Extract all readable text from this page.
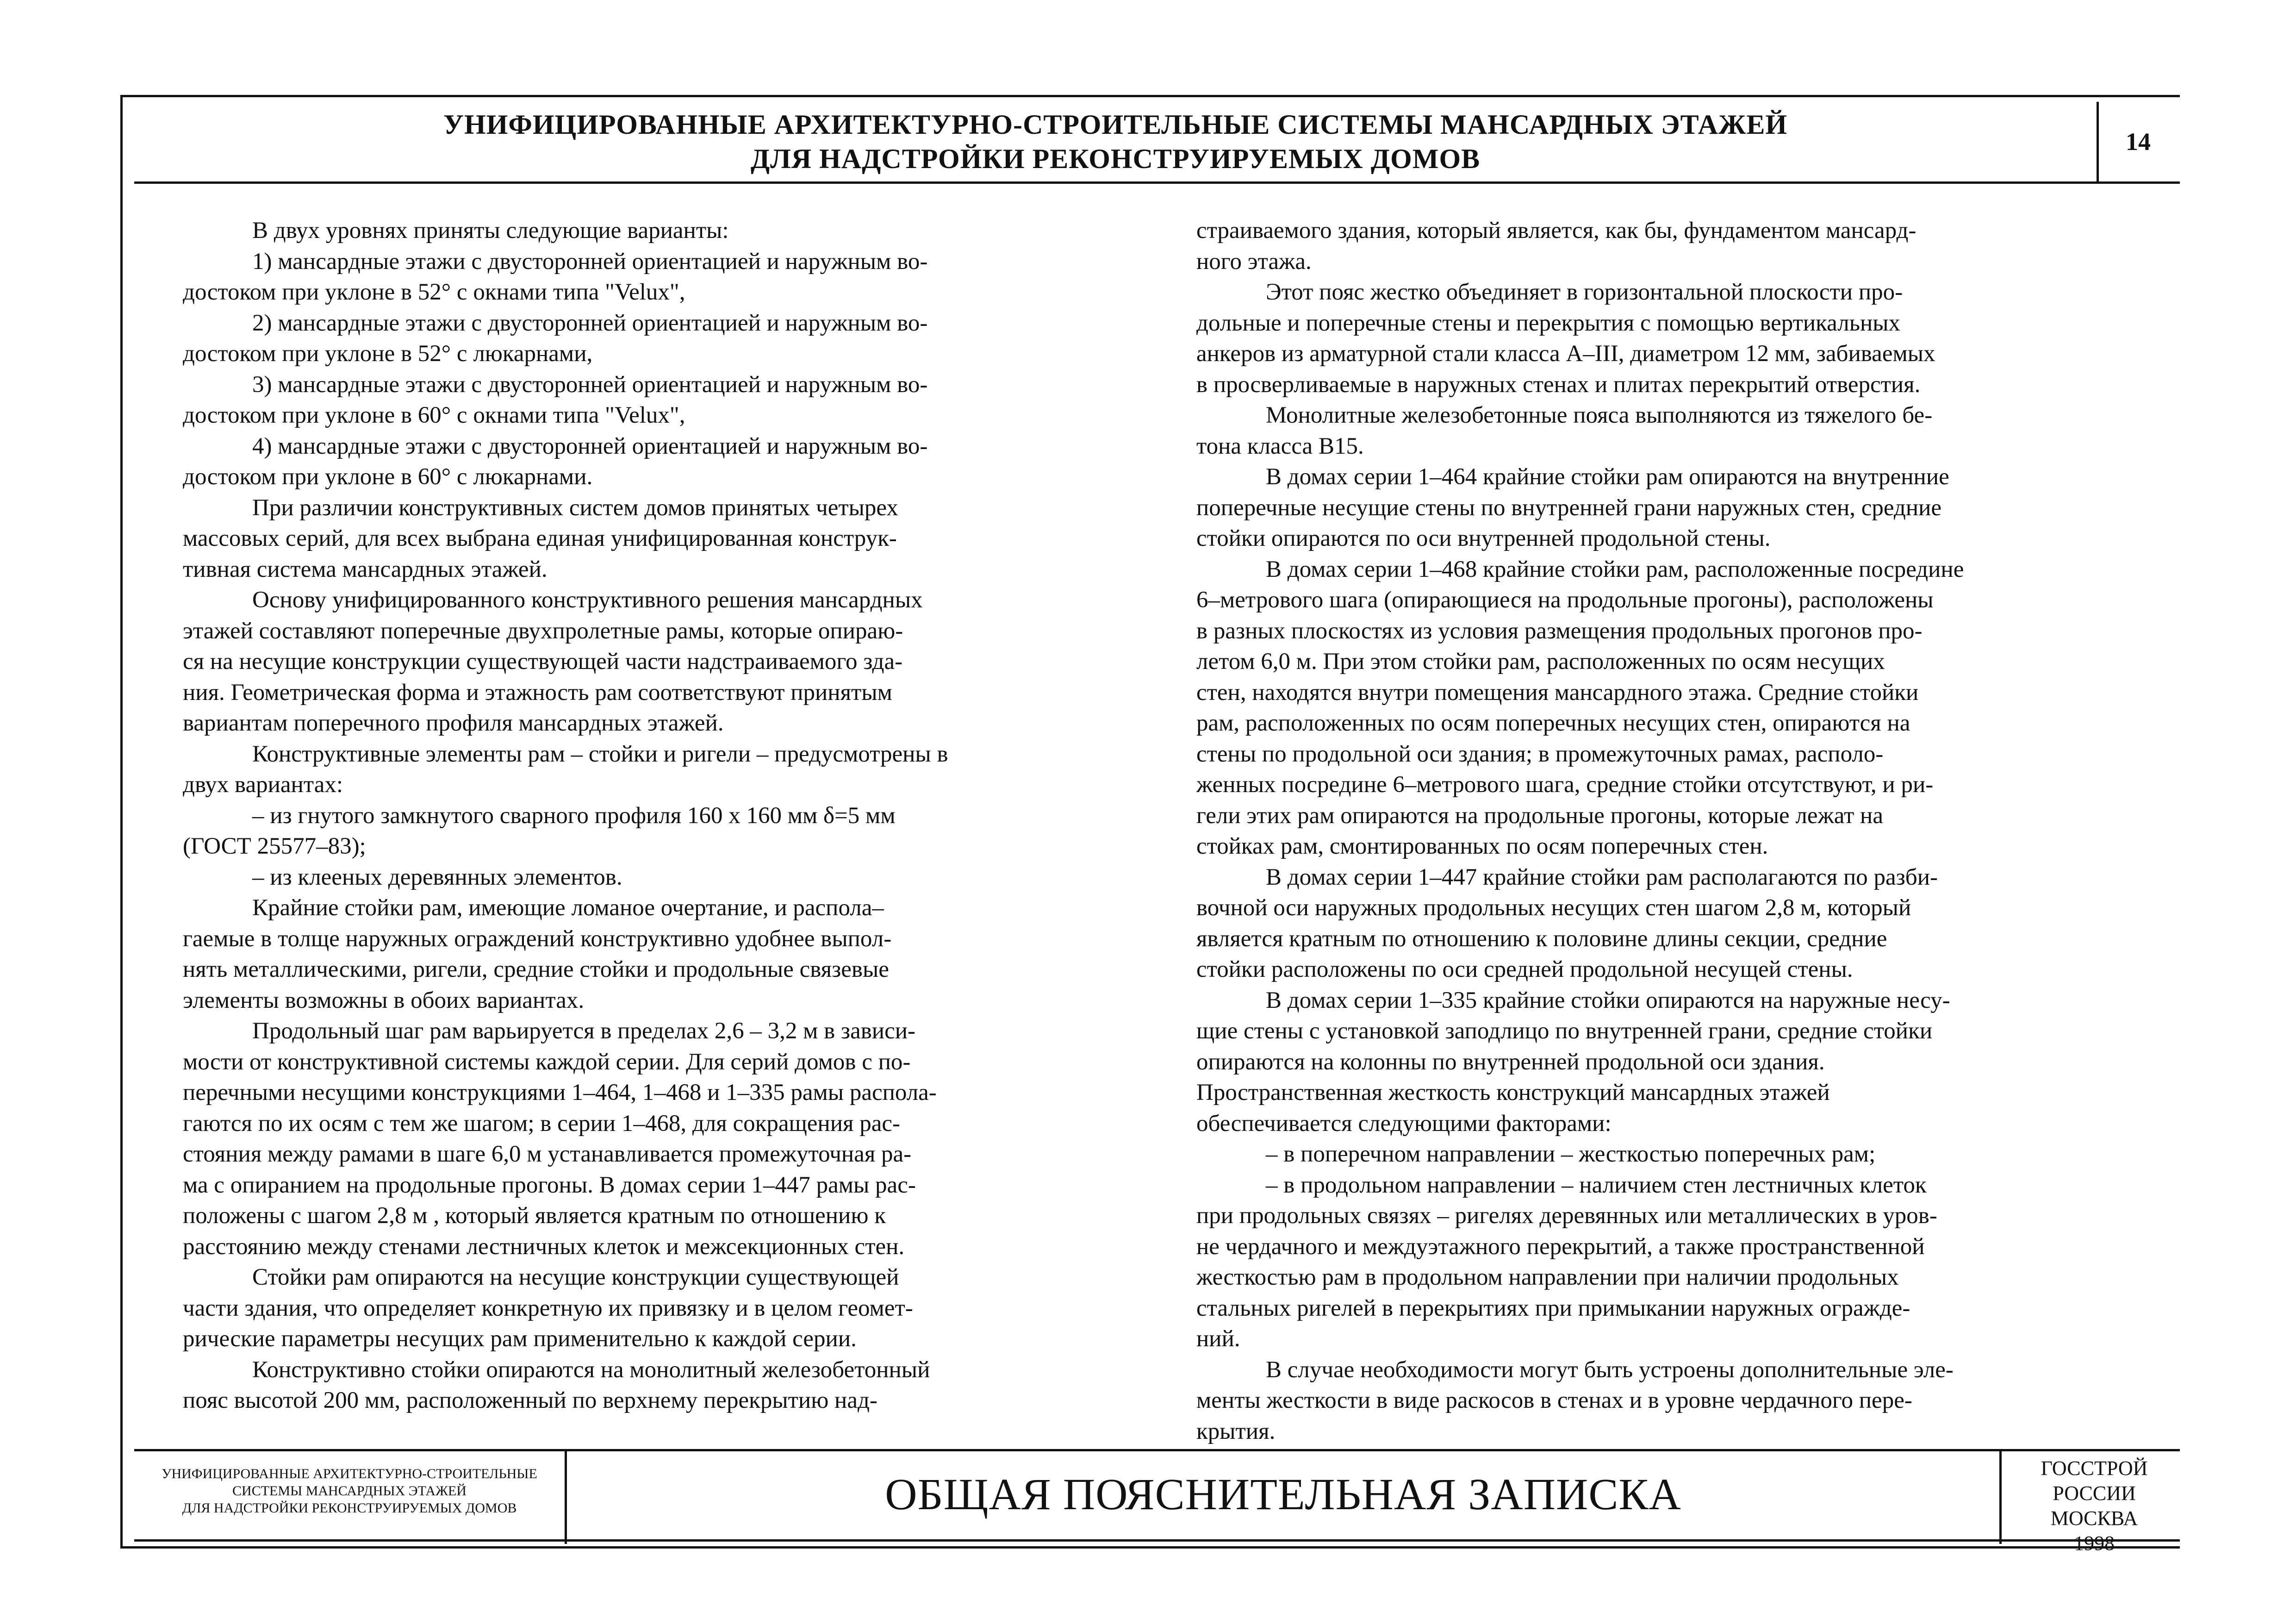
УНИФИЦИРОВАННЫЕ АРХИТЕКТУРНО-СТРОИТЕЛЬНЫЕ СИСТЕМЫ МАНСАРДНЫХ ЭТАЖЕЙ
ДЛЯ НАДСТРОЙКИ РЕКОНСТРУИРУЕМЫХ ДОМОВ
14
В двух уровнях приняты следующие варианты:
1) мансардные этажи с двусторонней ориентацией и наружным во-
достоком при уклоне в 52° с окнами типа "Velux",
2) мансардные этажи с двусторонней ориентацией и наружным во-
достоком при уклоне в 52° с люкарнами,
3) мансардные этажи с двусторонней ориентацией и наружным во-
достоком при уклоне в 60° с окнами типа "Velux",
4) мансардные этажи с двусторонней ориентацией и наружным во-
достоком при уклоне в 60° с люкарнами.
При различии конструктивных систем домов принятых четырех
массовых серий, для всех выбрана единая унифицированная конструк-
тивная система мансардных этажей.
Основу унифицированного конструктивного решения мансардных
этажей составляют поперечные двухпролетные рамы, которые опираю-
ся на несущие конструкции существующей части надстраиваемого зда-
ния. Геометрическая форма и этажность рам соответствуют принятым
вариантам поперечного профиля мансардных этажей.
Конструктивные элементы рам – стойки и ригели – предусмотрены в
двух вариантах:
– из гнутого замкнутого сварного профиля 160 x 160 мм δ=5 мм
(ГОСТ 25577–83);
– из клееных деревянных элементов.
Крайние стойки рам, имеющие ломаное очертание, и распола–
гаемые в толще наружных ограждений конструктивно удобнее выпол-
нять металлическими, ригели, средние стойки и продольные связевые
элементы возможны в обоих вариантах.
Продольный шаг рам варьируется в пределах 2,6 – 3,2 м в зависи-
мости от конструктивной системы каждой серии. Для серий домов с по-
перечными несущими конструкциями 1–464, 1–468 и 1–335 рамы распола-
гаются по их осям с тем же шагом; в серии 1–468, для сокращения рас-
стояния между рамами в шаге 6,0 м устанавливается промежуточная ра-
ма с опиранием на продольные прогоны. В домах серии 1–447 рамы рас-
положены с шагом 2,8 м , который является кратным по отношению к
расстоянию между стенами лестничных клеток и межсекционных стен.
Стойки рам опираются на несущие конструкции существующей
части здания, что определяет конкретную их привязку и в целом геомет-
рические параметры несущих рам применительно к каждой серии.
Конструктивно стойки опираются на монолитный железобетонный
пояс высотой 200 мм, расположенный по верхнему перекрытию над-
страиваемого здания, который является, как бы, фундаментом мансард-
ного этажа.
Этот пояс жестко объединяет в горизонтальной плоскости про-
дольные и поперечные стены и перекрытия с помощью вертикальных
анкеров из арматурной стали класса А–III, диаметром 12 мм, забиваемых
в просверливаемые в наружных стенах и плитах перекрытий отверстия.
Монолитные железобетонные пояса выполняются из тяжелого бе-
тона класса В15.
В домах серии 1–464 крайние стойки рам опираются на внутренние
поперечные несущие стены по внутренней грани наружных стен, средние
стойки опираются по оси внутренней продольной стены.
В домах серии 1–468 крайние стойки рам, расположенные посредине
6–метрового шага (опирающиеся на продольные прогоны), расположены
в разных плоскостях из условия размещения продольных прогонов про-
летом 6,0 м. При этом стойки рам, расположенных по осям несущих
стен, находятся внутри помещения мансардного этажа. Средние стойки
рам, расположенных по осям поперечных несущих стен, опираются на
стены по продольной оси здания; в промежуточных рамах, располо-
женных посредине 6–метрового шага, средние стойки отсутствуют, и ри-
гели этих рам опираются на продольные прогоны, которые лежат на
стойках рам, смонтированных по осям поперечных стен.
В домах серии 1–447 крайние стойки рам располагаются по разби-
вочной оси наружных продольных несущих стен шагом 2,8 м, который
является кратным по отношению к половине длины секции, средние
стойки расположены по оси средней продольной несущей стены.
В домах серии 1–335 крайние стойки опираются на наружные несу-
щие стены с установкой заподлицо по внутренней грани, средние стойки
опираются на колонны по внутренней продольной оси здания.
Пространственная жесткость конструкций мансардных этажей
обеспечивается следующими факторами:
– в поперечном направлении – жесткостью поперечных рам;
– в продольном направлении – наличием стен лестничных клеток
при продольных связях – ригелях деревянных или металлических в уров-
не чердачного и междуэтажного перекрытий, а также пространственной
жесткостью рам в продольном направлении при наличии продольных
стальных ригелей в перекрытиях при примыкании наружных огражде-
ний.
В случае необходимости могут быть устроены дополнительные эле-
менты жесткости в виде раскосов в стенах и в уровне чердачного пере-
крытия.
УНИФИЦИРОВАННЫЕ АРХИТЕКТУРНО-СТРОИТЕЛЬНЫЕ
СИСТЕМЫ МАНСАРДНЫХ ЭТАЖЕЙ
ДЛЯ НАДСТРОЙКИ РЕКОНСТРУИРУЕМЫХ ДОМОВ	ОБЩАЯ ПОЯСНИТЕЛЬНАЯ ЗАПИСКА
ГОССТРОЙ РОССИИ
МОСКВА
1998
